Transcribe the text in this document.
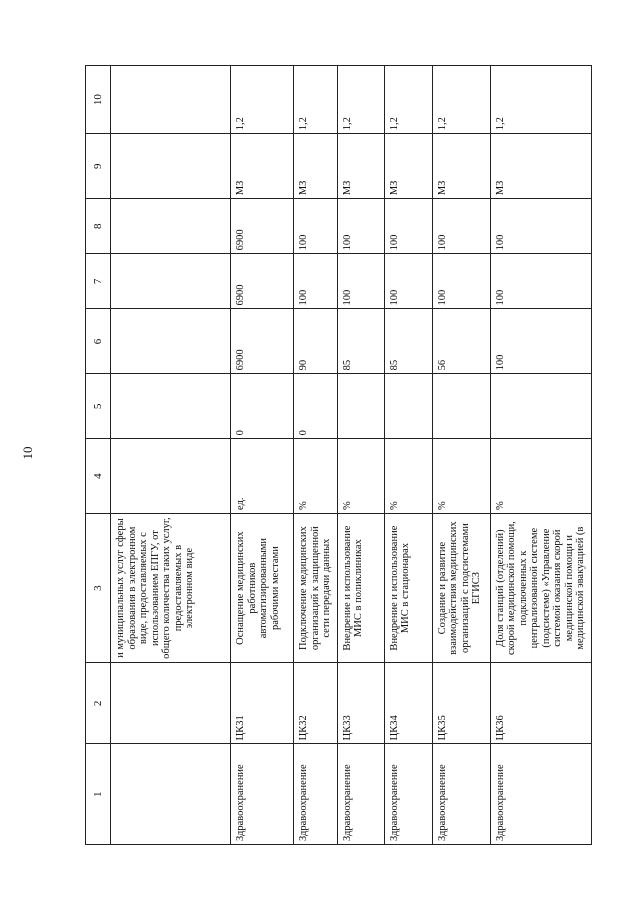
10
1	2	3	4	5	6	7	8	9	10
		и муниципальных услуг сферы образования в электронном виде, предоставляемых с использованием ЕПГУ, от общего количества таких услуг, предоставляемых в электронном виде							
Здравоохранение	ЦК31	Оснащение медицинских работников автоматизированными рабочими местами	ед.	0	6900	6900	6900	МЗ	1,2
Здравоохранение	ЦК32	Подключение медицинских организаций к защищенной сети передачи данных	%	0	90	100	100	МЗ	1,2
Здравоохранение	ЦК33	Внедрение и использование МИС в поликлиниках	%		85	100	100	МЗ	1,2
Здравоохранение	ЦК34	Внедрение и использование МИС в стационарах	%		85	100	100	МЗ	1,2
Здравоохранение	ЦК35	Создание и развитие взаимодействия медицинских организаций с подсистемами ЕГИСЗ	%		56	100	100	МЗ	1,2
Здравоохранение	ЦК36	Доля станций (отделений) скорой медицинской помощи, подключенных к централизованной системе (подсистеме) «Управление системой оказания скорой медицинской помощи и медицинской эвакуацией (в	%		100	100	100	МЗ	1,2
